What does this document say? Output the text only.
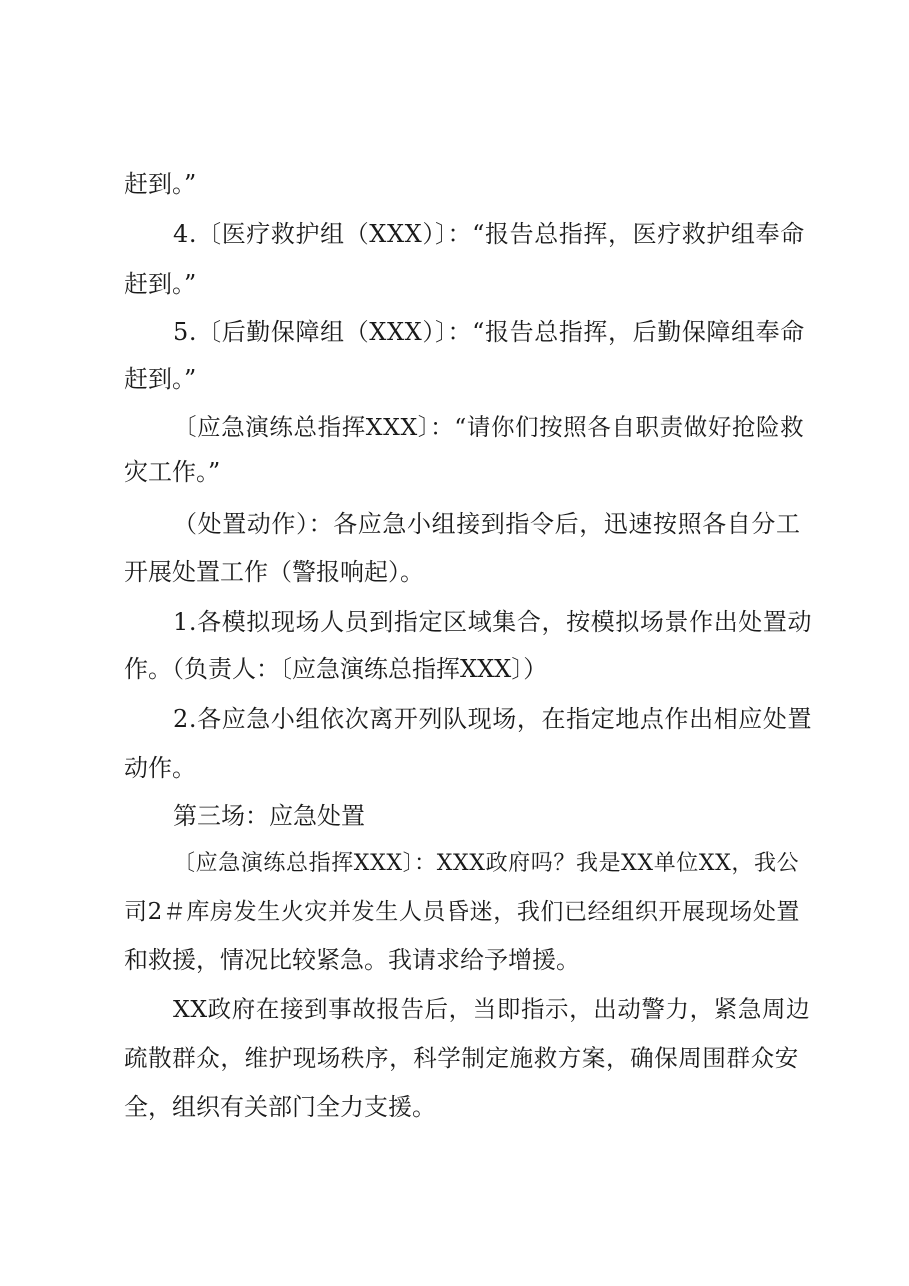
赶到。”
4.〔医疗救护组（XXX）〕：“报告总指挥，医疗救护组奉命
赶到。”
5.〔后勤保障组（XXX）〕：“报告总指挥，后勤保障组奉命
赶到。”
〔应急演练总指挥XXX〕：“请你们按照各自职责做好抢险救
灾工作。”
（处置动作）：各应急小组接到指令后，迅速按照各自分工
开展处置工作（警报响起）。
1.各模拟现场人员到指定区域集合，按模拟场景作出处置动
作。（负责人：〔应急演练总指挥XXX〕）
2.各应急小组依次离开列队现场，在指定地点作出相应处置
动作。
第三场：应急处置
〔应急演练总指挥XXX〕：XXX政府吗？我是XX单位XX，我公
司2＃库房发生火灾并发生人员昏迷，我们已经组织开展现场处置
和救援，情况比较紧急。我请求给予增援。
XX政府在接到事故报告后，当即指示，出动警力，紧急周边
疏散群众，维护现场秩序，科学制定施救方案，确保周围群众安
全，组织有关部门全力支援。
